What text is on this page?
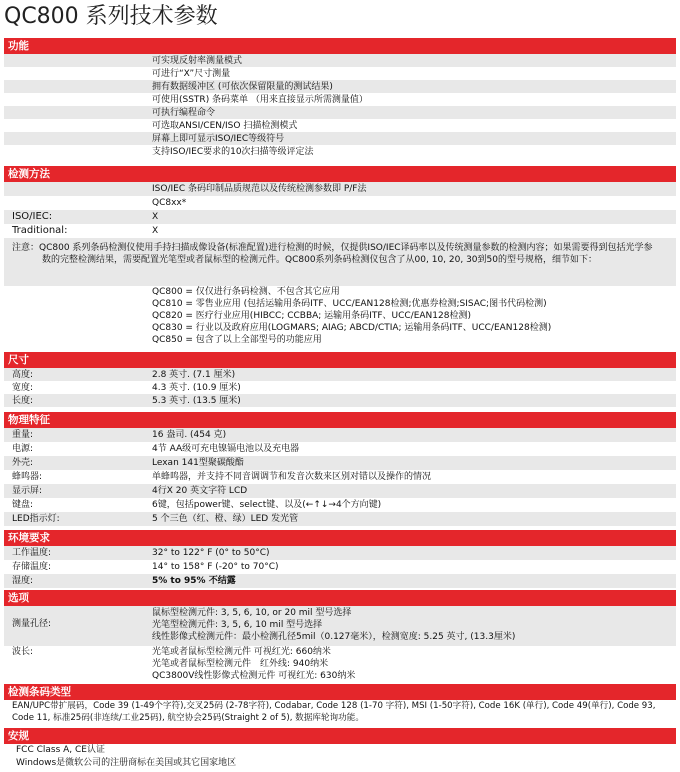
QC800 系列技术参数
功能
可实现反射率测量模式
可进行“X”尺寸测量
拥有数据缓冲区 (可依次保留限量的测试结果)
可使用(SSTR) 条码菜单 （用来直接显示所需测量值）
可执行编程命令
可选取ANSI/CEN/ISO 扫描检测模式
屏幕上即可显示ISO/IEC等级符号
支持ISO/IEC要求的10次扫描等级评定法
检测方法
ISO/IEC 条码印制品质规范以及传统检测参数即 P/F法
QC8xx*
ISO/IEC:	X
Traditional:	X
注意：QC800 系列条码检测仪使用手持扫描成像设备(标准配置)进行检测的时候，仅提供ISO/IEC译码率以及传统测量参数的检测内容；如果需要得到包括光学参
数的完整检测结果，需要配置光笔型或者鼠标型的检测元件。QC800系列条码检测仪包含了从00, 10, 20, 30到50的型号规格，细节如下：
QC800 = 仅仅进行条码检测、不包含其它应用
QC810 = 零售业应用 (包括运输用条码ITF、UCC/EAN128检测;优惠券检测;SISAC;图书代码检测)
QC820 = 医疗行业应用(HIBCC; CCBBA; 运输用条码ITF、UCC/EAN128检测)
QC830 = 行业以及政府应用(LOGMARS; AIAG; ABCD/CTIA; 运输用条码ITF、UCC/EAN128检测)
QC850 = 包含了以上全部型号的功能应用
尺寸
高度:	2.8 英寸. (7.1 厘米)
宽度:	4.3 英寸. (10.9 厘米)
长度:	5.3 英寸. (13.5 厘米)
物理特征
重量:	16 盎司. (454 克)
电源:	4节 AA级可充电镍镉电池以及充电器
外壳:	Lexan 141型聚碳酸酯
蜂鸣器:	单蜂鸣器，并支持不同音调调节和发音次数来区别对错以及操作的情况
显示屏:	4行X 20 英文字符 LCD
键盘:	6键，包括power键、select键、以及(←↑↓→4个方向键)
LED指示灯:	5 个三色（红、橙、绿）LED 发光管
环境要求
工作温度:	32° to 122° F (0° to 50°C)
存储温度:	14° to 158° F (-20° to 70°C)
湿度:	5% to 95% 不结露
选项
测量孔径:
鼠标型检测元件: 3, 5, 6, 10, or 20 mil 型号选择
光笔型检测元件: 3, 5, 6, 10 mil 型号选择
线性影像式检测元件：最小检测孔径5mil（0.127毫米），检测宽度: 5.25 英寸, (13.3厘米)
波长:	光笔或者鼠标型检测元件 可视红光: 660纳米
光笔或者鼠标型检测元件　红外线: 940纳米
QC3800V线性影像式检测元件 可视红光: 630纳米
检测条码类型
EAN/UPC带扩展码，Code 39 (1-49个字符),交叉25码 (2-78字符), Codabar, Code 128 (1-70 字符), MSI (1-50字符), Code 16K (单行), Code 49(单行), Code 93,
Code 11, 标准25码(非连续/工业25码), 航空协会25码(Straight 2 of 5), 数据库轮询功能。
安规
FCC Class A, CE认证
Windows是微软公司的注册商标在美国或其它国家地区
